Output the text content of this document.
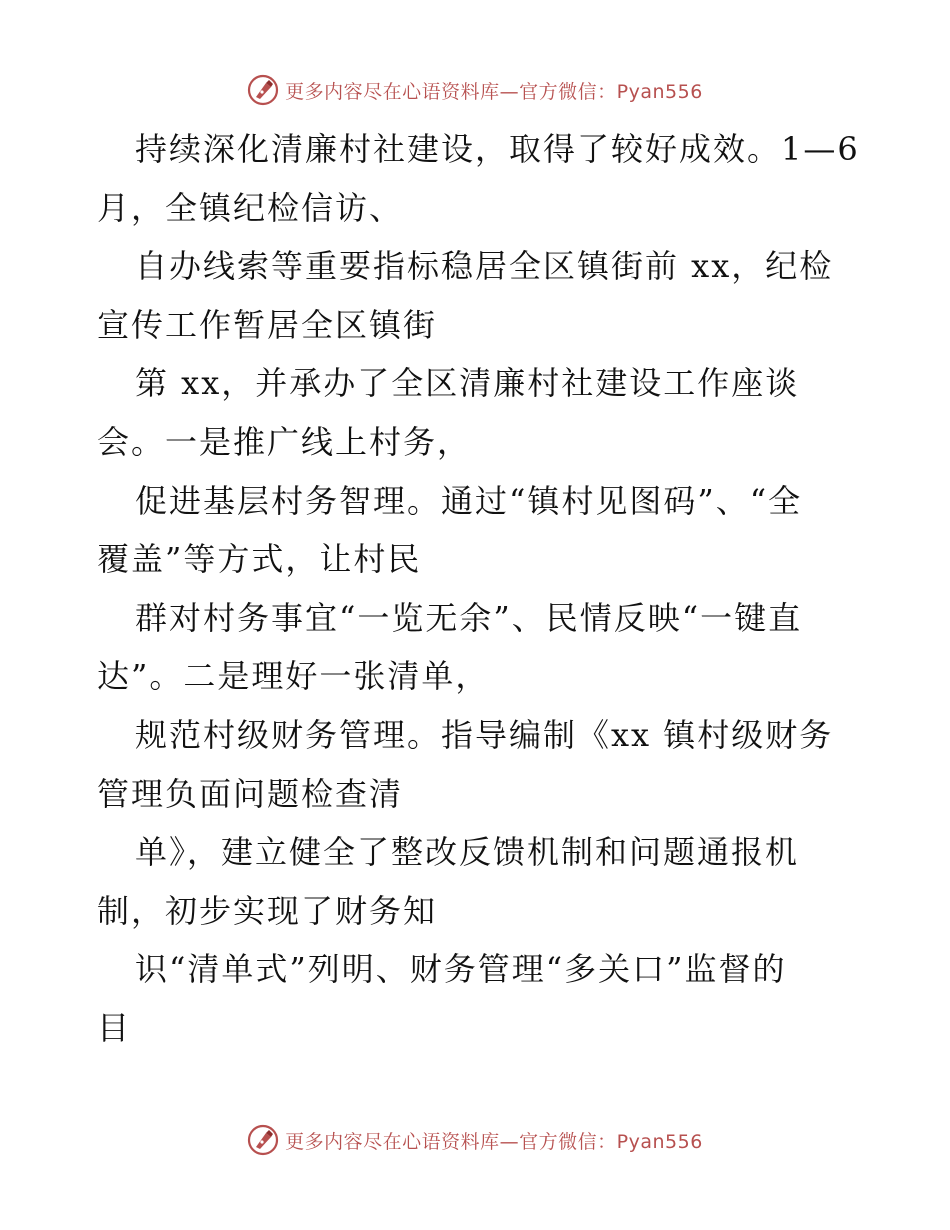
更多内容尽在心语资料库—官方微信：Pyan556
持续深化清廉村社建设，取得了较好成效。1—6
月，全镇纪检信访、
自办线索等重要指标稳居全区镇街前 xx，纪检
宣传工作暂居全区镇街
第 xx，并承办了全区清廉村社建设工作座谈
会。一是推广线上村务，
促进基层村务智理。通过“镇村见图码”、“全
覆盖”等方式，让村民
群对村务事宜“一览无余”、民情反映“一键直
达”。二是理好一张清单，
规范村级财务管理。指导编制《xx 镇村级财务
管理负面问题检查清
单》，建立健全了整改反馈机制和问题通报机
制，初步实现了财务知
识“清单式”列明、财务管理“多关口”监督的
目
更多内容尽在心语资料库—官方微信：Pyan556
